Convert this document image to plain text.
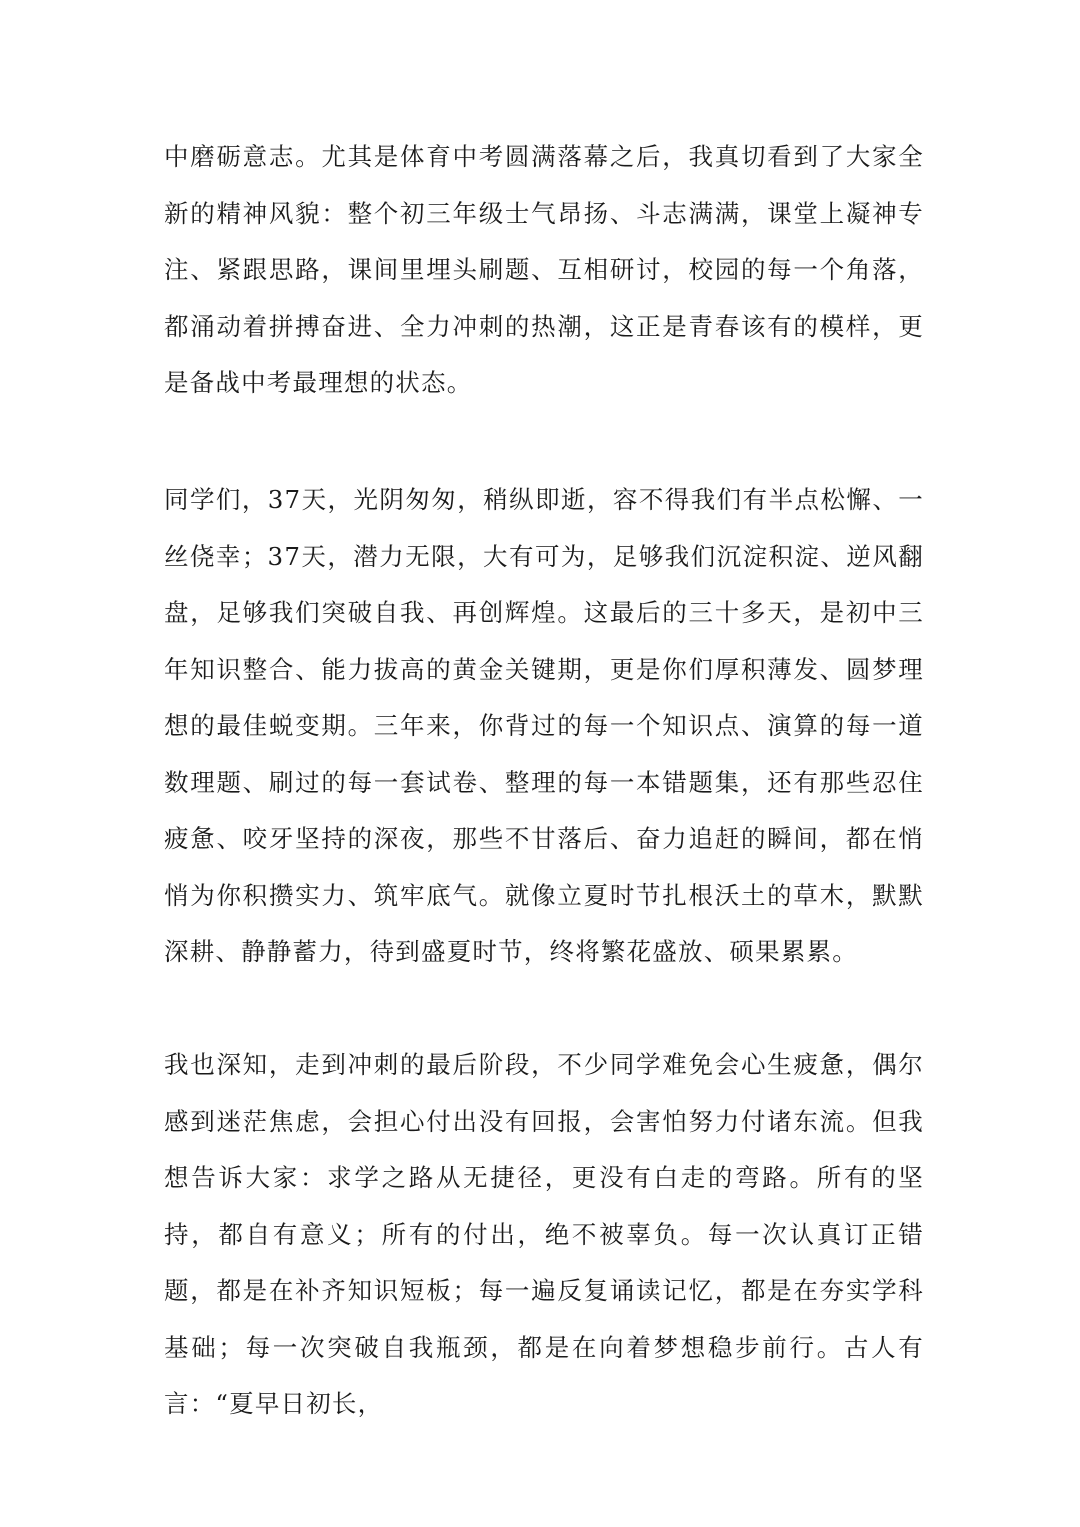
中磨砺意志。尤其是体育中考圆满落幕之后，我真切看到了大家全新的精神风貌：整个初三年级士气昂扬、斗志满满，课堂上凝神专注、紧跟思路，课间里埋头刷题、互相研讨，校园的每一个角落，都涌动着拼搏奋进、全力冲刺的热潮，这正是青春该有的模样，更是备战中考最理想的状态。

同学们，37天，光阴匆匆，稍纵即逝，容不得我们有半点松懈、一丝侥幸；37天，潜力无限，大有可为，足够我们沉淀积淀、逆风翻盘，足够我们突破自我、再创辉煌。这最后的三十多天，是初中三年知识整合、能力拔高的黄金关键期，更是你们厚积薄发、圆梦理想的最佳蜕变期。三年来，你背过的每一个知识点、演算的每一道数理题、刷过的每一套试卷、整理的每一本错题集，还有那些忍住疲惫、咬牙坚持的深夜，那些不甘落后、奋力追赶的瞬间，都在悄悄为你积攒实力、筑牢底气。就像立夏时节扎根沃土的草木，默默深耕、静静蓄力，待到盛夏时节，终将繁花盛放、硕果累累。

我也深知，走到冲刺的最后阶段，不少同学难免会心生疲惫，偶尔感到迷茫焦虑，会担心付出没有回报，会害怕努力付诸东流。但我想告诉大家：求学之路从无捷径，更没有白走的弯路。所有的坚持，都自有意义；所有的付出，绝不被辜负。每一次认真订正错题，都是在补齐知识短板；每一遍反复诵读记忆，都是在夯实学科基础；每一次突破自我瓶颈，都是在向着梦想稳步前行。古人有言：“夏早日初长，
